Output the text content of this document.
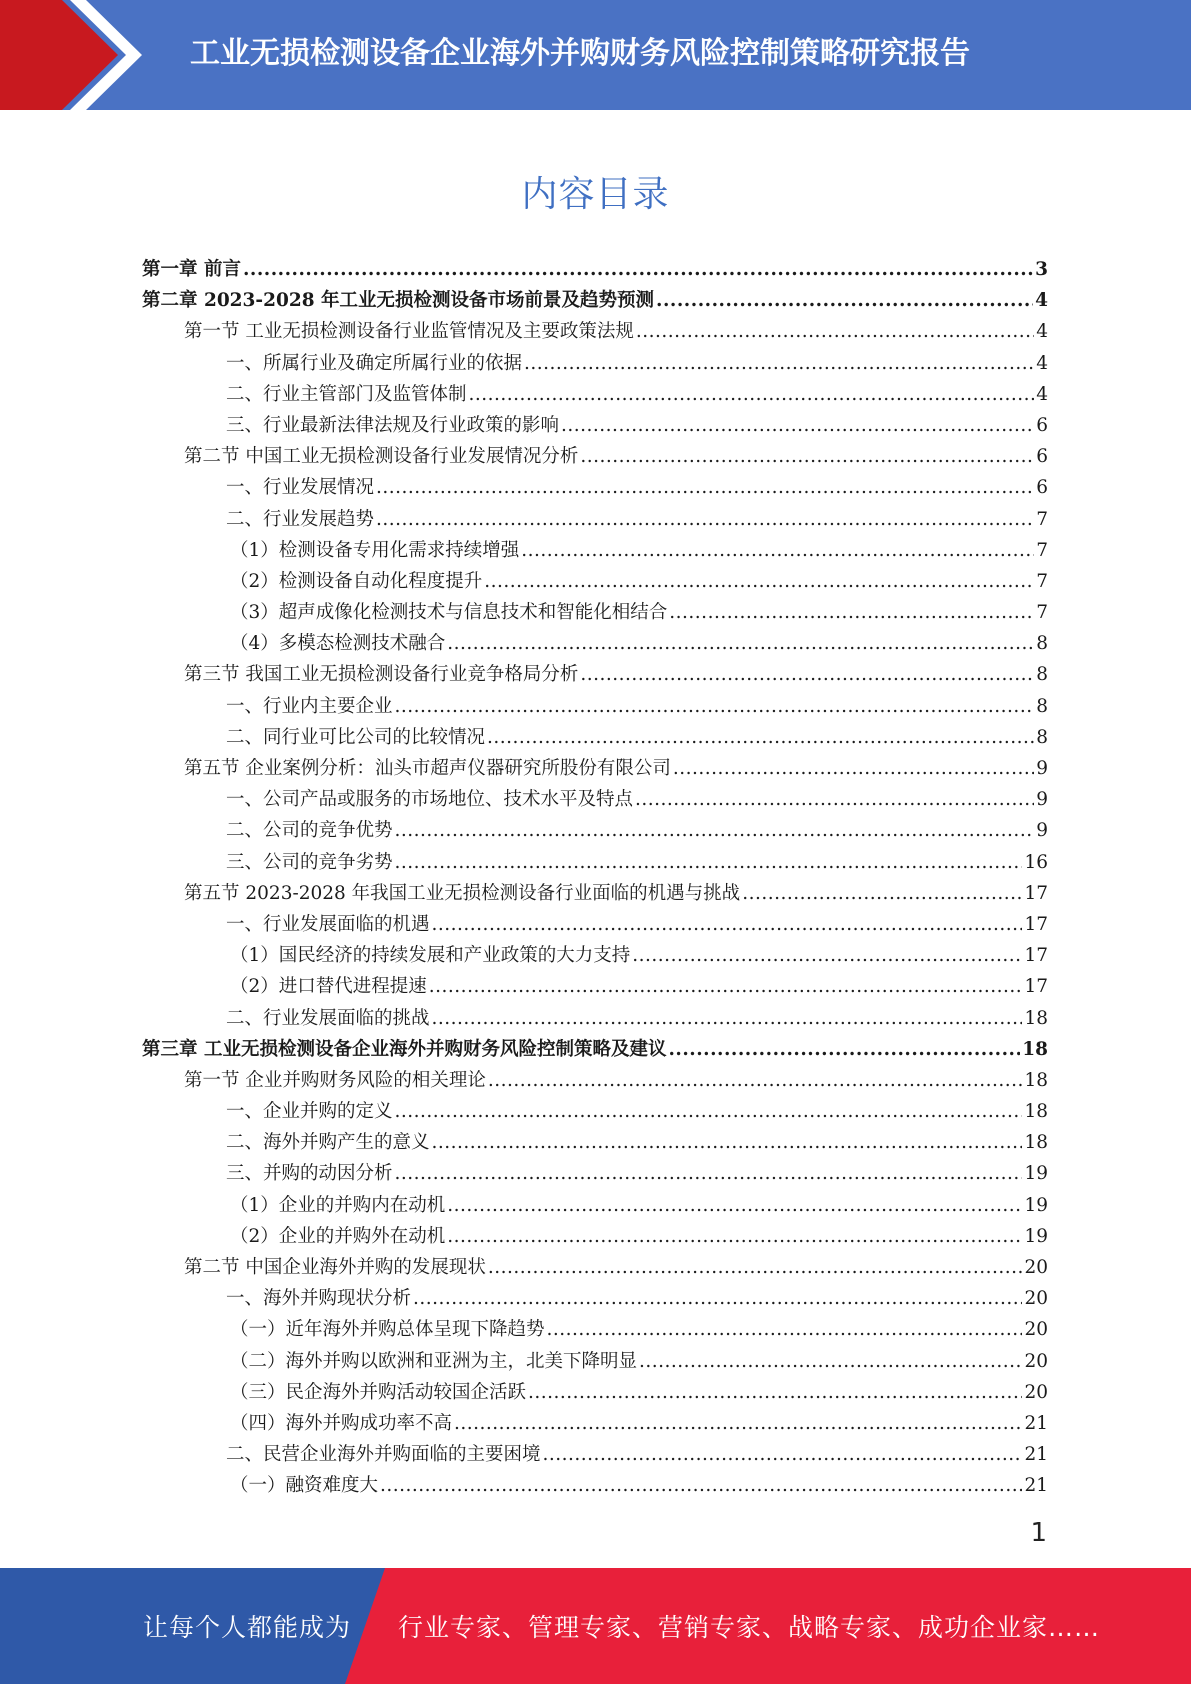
工业无损检测设备企业海外并购财务风险控制策略研究报告
内容目录
第一章 前言 .....	3
第二章 2023-2028 年工业无损检测设备市场前景及趋势预测 .....	4
第一节 工业无损检测设备行业监管情况及主要政策法规 .....	4
一、所属行业及确定所属行业的依据 .....	4
二、行业主管部门及监管体制 .....	4
三、行业最新法律法规及行业政策的影响 .....	6
第二节 中国工业无损检测设备行业发展情况分析 .....	6
一、行业发展情况 .....	6
二、行业发展趋势 .....	7
（1）检测设备专用化需求持续增强 .....	7
（2）检测设备自动化程度提升 .....	7
（3）超声成像化检测技术与信息技术和智能化相结合 .....	7
（4）多模态检测技术融合 .....	8
第三节 我国工业无损检测设备行业竞争格局分析 .....	8
一、行业内主要企业 .....	8
二、同行业可比公司的比较情况 .....	8
第五节 企业案例分析：汕头市超声仪器研究所股份有限公司 .....	9
一、公司产品或服务的市场地位、技术水平及特点 .....	9
二、公司的竞争优势 .....	9
三、公司的竞争劣势 .....	16
第五节 2023-2028 年我国工业无损检测设备行业面临的机遇与挑战 .....	17
一、行业发展面临的机遇 .....	17
（1）国民经济的持续发展和产业政策的大力支持 .....	17
（2）进口替代进程提速 .....	17
二、行业发展面临的挑战 .....	18
第三章 工业无损检测设备企业海外并购财务风险控制策略及建议 .....	18
第一节 企业并购财务风险的相关理论 .....	18
一、企业并购的定义 .....	18
二、海外并购产生的意义 .....	18
三、并购的动因分析 .....	19
（1）企业的并购内在动机 .....	19
（2）企业的并购外在动机 .....	19
第二节 中国企业海外并购的发展现状 .....	20
一、海外并购现状分析 .....	20
（一）近年海外并购总体呈现下降趋势 .....	20
（二）海外并购以欧洲和亚洲为主，北美下降明显 .....	20
（三）民企海外并购活动较国企活跃 .....	20
（四）海外并购成功率不高 .....	21
二、民营企业海外并购面临的主要困境 .....	21
（一）融资难度大 .....	21
1
让每个人都能成为 行业专家、管理专家、营销专家、战略专家、成功企业家……
